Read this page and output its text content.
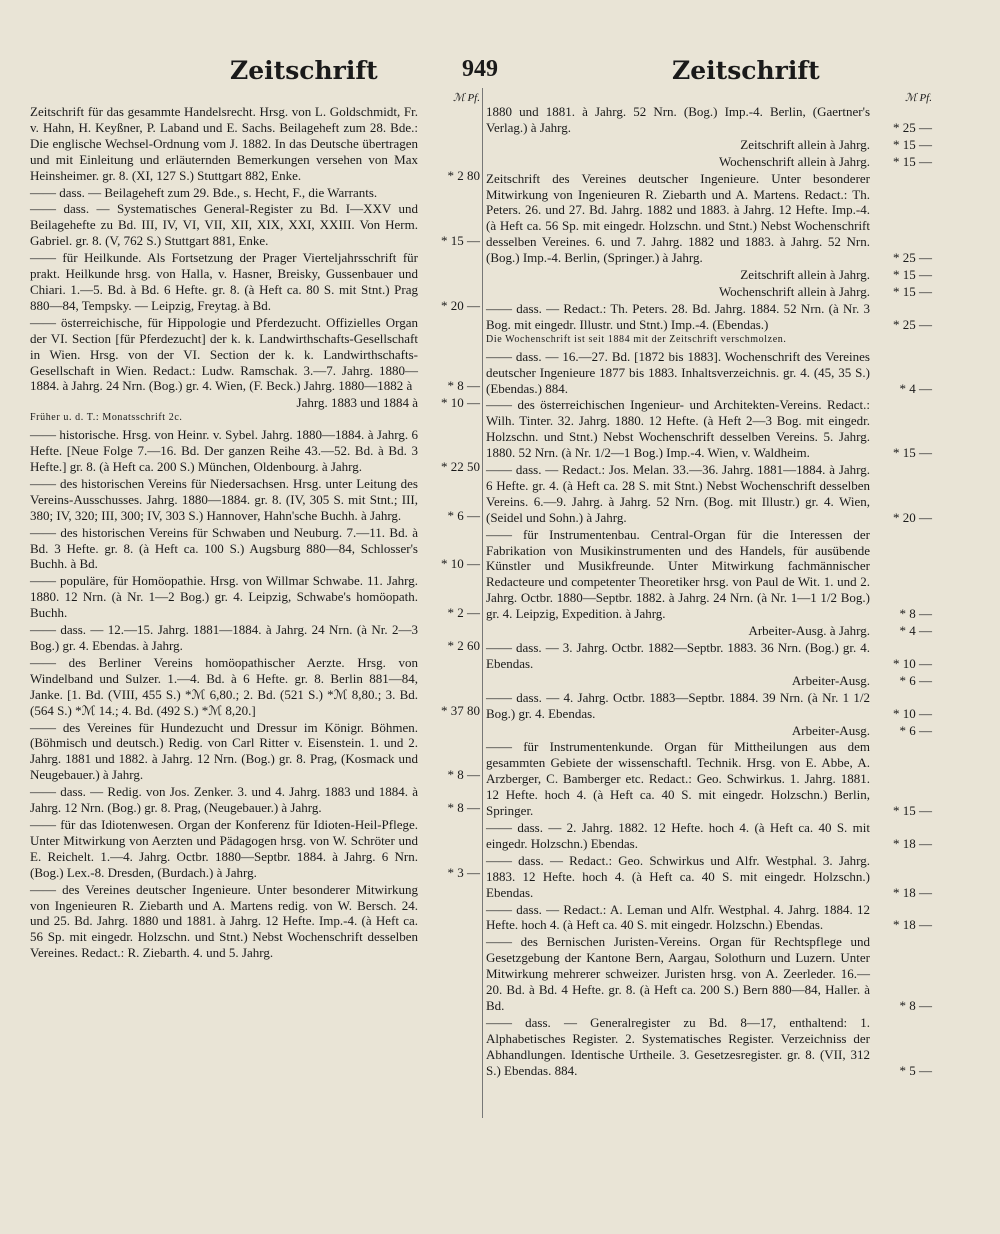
Zeitschrift	949	Zeitschrift
ℳ Pf.
Zeitschrift für das gesammte Handelsrecht. Hrsg. von L. Goldschmidt, Fr. v. Hahn, H. Keyßner, P. Laband und E. Sachs. Beilageheft zum 28. Bde.: Die englische Wechsel-Ordnung vom J. 1882. In das Deutsche übertragen und mit Einleitung und erläuternden Bemerkungen versehen von Max Heinsheimer. gr. 8. (XI, 127 S.) Stuttgart 882, Enke.	* 2 80
—— dass. — Beilageheft zum 29. Bde., s. Hecht, F., die Warrants.
—— dass. — Systematisches General-Register zu Bd. I—XXV und Beilagehefte zu Bd. III, IV, VI, VII, XII, XIX, XXI, XXIII. Von Herm. Gabriel. gr. 8. (V, 762 S.) Stuttgart 881, Enke.	* 15 —
—— für Heilkunde. Als Fortsetzung der Prager Vierteljahrsschrift für prakt. Heilkunde hrsg. von Halla, v. Hasner, Breisky, Gussenbauer und Chiari. 1.—5. Bd. à Bd. 6 Hefte. gr. 8. (à Heft ca. 80 S. mit Stnt.) Prag 880—84, Tempsky. — Leipzig, Freytag. à Bd.	* 20 —
—— österreichische, für Hippologie und Pferdezucht. Offizielles Organ der VI. Section [für Pferdezucht] der k. k. Landwirthschafts-Gesellschaft in Wien. Hrsg. von der VI. Section der k. k. Landwirthschafts-Gesellschaft in Wien. Redact.: Ludw. Ramschak. 3.—7. Jahrg. 1880—1884. à Jahrg. 24 Nrn. (Bog.) gr. 4. Wien, (F. Beck.) Jahrg. 1880—1882 à	* 8 —
Jahrg. 1883 und 1884 à	* 10 —
Früher u. d. T.: Monatsschrift 2c.
—— historische. Hrsg. von Heinr. v. Sybel. Jahrg. 1880—1884. à Jahrg. 6 Hefte. [Neue Folge 7.—16. Bd. Der ganzen Reihe 43.—52. Bd. à Bd. 3 Hefte.] gr. 8. (à Heft ca. 200 S.) München, Oldenbourg. à Jahrg.	* 22 50
—— des historischen Vereins für Niedersachsen. Hrsg. unter Leitung des Vereins-Ausschusses. Jahrg. 1880—1884. gr. 8. (IV, 305 S. mit Stnt.; III, 380; IV, 320; III, 300; IV, 303 S.) Hannover, Hahn'sche Buchh. à Jahrg.	* 6 —
—— des historischen Vereins für Schwaben und Neuburg. 7.—11. Bd. à Bd. 3 Hefte. gr. 8. (à Heft ca. 100 S.) Augsburg 880—84, Schlosser's Buchh. à Bd.	* 10 —
—— populäre, für Homöopathie. Hrsg. von Willmar Schwabe. 11. Jahrg. 1880. 12 Nrn. (à Nr. 1—2 Bog.) gr. 4. Leipzig, Schwabe's homöopath. Buchh.	* 2 —
—— dass. — 12.—15. Jahrg. 1881—1884. à Jahrg. 24 Nrn. (à Nr. 2—3 Bog.) gr. 4. Ebendas. à Jahrg.	* 2 60
—— des Berliner Vereins homöopathischer Aerzte. Hrsg. von Windelband und Sulzer. 1.—4. Bd. à 6 Hefte. gr. 8. Berlin 881—84, Janke. [1. Bd. (VIII, 455 S.) *ℳ 6,80.; 2. Bd. (521 S.) *ℳ 8,80.; 3. Bd. (564 S.) *ℳ 14.; 4. Bd. (492 S.) *ℳ 8,20.]	* 37 80
—— des Vereines für Hundezucht und Dressur im Königr. Böhmen. (Böhmisch und deutsch.) Redig. von Carl Ritter v. Eisenstein. 1. und 2. Jahrg. 1881 und 1882. à Jahrg. 12 Nrn. (Bog.) gr. 8. Prag, (Kosmack und Neugebauer.) à Jahrg.	* 8 —
—— dass. — Redig. von Jos. Zenker. 3. und 4. Jahrg. 1883 und 1884. à Jahrg. 12 Nrn. (Bog.) gr. 8. Prag, (Neugebauer.) à Jahrg.	* 8 —
—— für das Idiotenwesen. Organ der Konferenz für Idioten-Heil-Pflege. Unter Mitwirkung von Aerzten und Pädagogen hrsg. von W. Schröter und E. Reichelt. 1.—4. Jahrg. Octbr. 1880—Septbr. 1884. à Jahrg. 6 Nrn. (Bog.) Lex.-8. Dresden, (Burdach.) à Jahrg.	* 3 —
—— des Vereines deutscher Ingenieure. Unter besonderer Mitwirkung von Ingenieuren R. Ziebarth und A. Martens redig. von W. Bersch. 24. und 25. Bd. Jahrg. 1880 und 1881. à Jahrg. 12 Hefte. Imp.-4. (à Heft ca. 56 Sp. mit eingedr. Holzschn. und Stnt.) Nebst Wochenschrift desselben Vereines. Redact.: R. Ziebarth. 4. und 5. Jahrg.
ℳ Pf.
1880 und 1881. à Jahrg. 52 Nrn. (Bog.) Imp.-4. Berlin, (Gaertner's Verlag.) à Jahrg.	* 25 —
Zeitschrift allein à Jahrg.	* 15 —
Wochenschrift allein à Jahrg.	* 15 —
Zeitschrift des Vereines deutscher Ingenieure. Unter besonderer Mitwirkung von Ingenieuren R. Ziebarth und A. Martens. Redact.: Th. Peters. 26. und 27. Bd. Jahrg. 1882 und 1883. à Jahrg. 12 Hefte. Imp.-4. (à Heft ca. 56 Sp. mit eingedr. Holzschn. und Stnt.) Nebst Wochenschrift desselben Vereines. 6. und 7. Jahrg. 1882 und 1883. à Jahrg. 52 Nrn. (Bog.) Imp.-4. Berlin, (Springer.) à Jahrg.	* 25 —
Zeitschrift allein à Jahrg.	* 15 —
Wochenschrift allein à Jahrg.	* 15 —
—— dass. — Redact.: Th. Peters. 28. Bd. Jahrg. 1884. 52 Nrn. (à Nr. 3 Bog. mit eingedr. Illustr. und Stnt.) Imp.-4. (Ebendas.)	* 25 —
Die Wochenschrift ist seit 1884 mit der Zeitschrift verschmolzen.
—— dass. — 16.—27. Bd. [1872 bis 1883]. Wochenschrift des Vereines deutscher Ingenieure 1877 bis 1883. Inhaltsverzeichnis. gr. 4. (45, 35 S.) (Ebendas.) 884.	* 4 —
—— des österreichischen Ingenieur- und Architekten-Vereins. Redact.: Wilh. Tinter. 32. Jahrg. 1880. 12 Hefte. (à Heft 2—3 Bog. mit eingedr. Holzschn. und Stnt.) Nebst Wochenschrift desselben Vereins. 5. Jahrg. 1880. 52 Nrn. (à Nr. 1/2—1 Bog.) Imp.-4. Wien, v. Waldheim.	* 15 —
—— dass. — Redact.: Jos. Melan. 33.—36. Jahrg. 1881—1884. à Jahrg. 6 Hefte. gr. 4. (à Heft ca. 28 S. mit Stnt.) Nebst Wochenschrift desselben Vereins. 6.—9. Jahrg. à Jahrg. 52 Nrn. (Bog. mit Illustr.) gr. 4. Wien, (Seidel und Sohn.) à Jahrg.	* 20 —
—— für Instrumentenbau. Central-Organ für die Interessen der Fabrikation von Musikinstrumenten und des Handels, für ausübende Künstler und Musikfreunde. Unter Mitwirkung fachmännischer Redacteure und competenter Theoretiker hrsg. von Paul de Wit. 1. und 2. Jahrg. Octbr. 1880—Septbr. 1882. à Jahrg. 24 Nrn. (à Nr. 1—1 1/2 Bog.) gr. 4. Leipzig, Expedition. à Jahrg.	* 8 —
Arbeiter-Ausg. à Jahrg.	* 4 —
—— dass. — 3. Jahrg. Octbr. 1882—Septbr. 1883. 36 Nrn. (Bog.) gr. 4. Ebendas.	* 10 —
Arbeiter-Ausg.	* 6 —
—— dass. — 4. Jahrg. Octbr. 1883—Septbr. 1884. 39 Nrn. (à Nr. 1 1/2 Bog.) gr. 4. Ebendas.	* 10 —
Arbeiter-Ausg.	* 6 —
—— für Instrumentenkunde. Organ für Mittheilungen aus dem gesammten Gebiete der wissenschaftl. Technik. Hrsg. von E. Abbe, A. Arzberger, C. Bamberger etc. Redact.: Geo. Schwirkus. 1. Jahrg. 1881. 12 Hefte. hoch 4. (à Heft ca. 40 S. mit eingedr. Holzschn.) Berlin, Springer.	* 15 —
—— dass. — 2. Jahrg. 1882. 12 Hefte. hoch 4. (à Heft ca. 40 S. mit eingedr. Holzschn.) Ebendas.	* 18 —
—— dass. — Redact.: Geo. Schwirkus und Alfr. Westphal. 3. Jahrg. 1883. 12 Hefte. hoch 4. (à Heft ca. 40 S. mit eingedr. Holzschn.) Ebendas.	* 18 —
—— dass. — Redact.: A. Leman und Alfr. Westphal. 4. Jahrg. 1884. 12 Hefte. hoch 4. (à Heft ca. 40 S. mit eingedr. Holzschn.) Ebendas.	* 18 —
—— des Bernischen Juristen-Vereins. Organ für Rechtspflege und Gesetzgebung der Kantone Bern, Aargau, Solothurn und Luzern. Unter Mitwirkung mehrerer schweizer. Juristen hrsg. von A. Zeerleder. 16.—20. Bd. à Bd. 4 Hefte. gr. 8. (à Heft ca. 200 S.) Bern 880—84, Haller. à Bd.	* 8 —
—— dass. — Generalregister zu Bd. 8—17, enthaltend: 1. Alphabetisches Register. 2. Systematisches Register. Verzeichniss der Abhandlungen. Identische Urtheile. 3. Gesetzesregister. gr. 8. (VII, 312 S.) Ebendas. 884.	* 5 —
